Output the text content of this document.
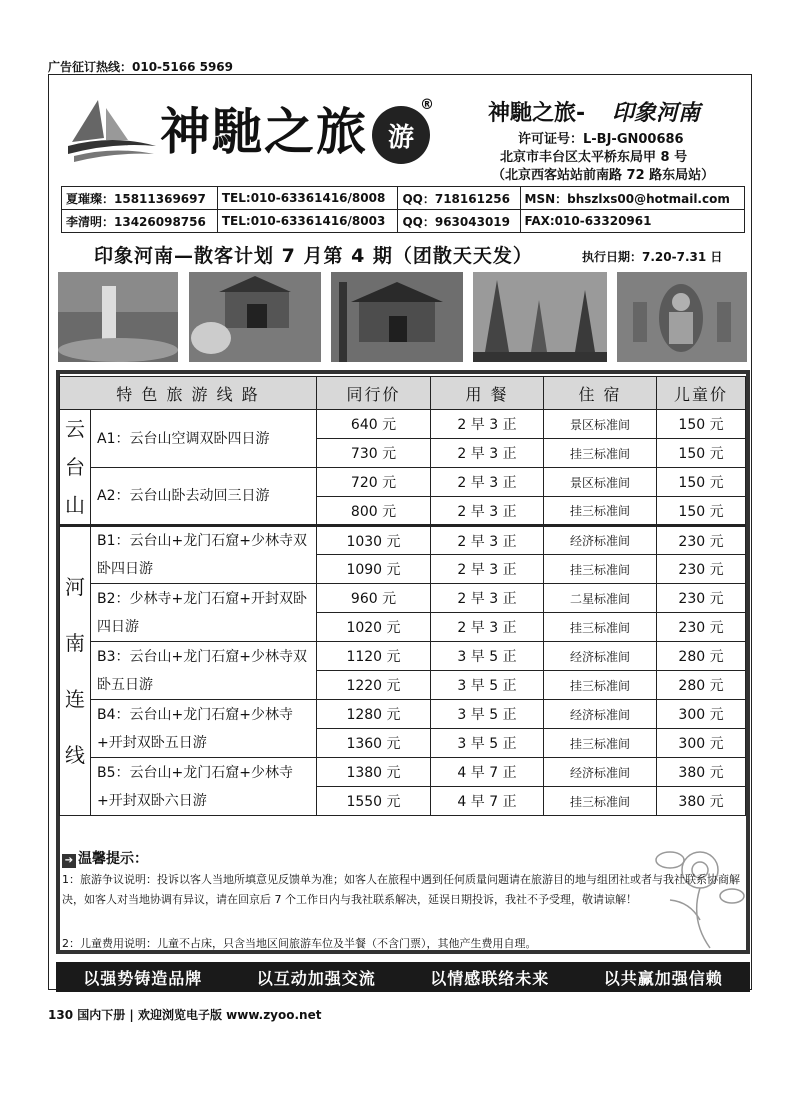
广告征订热线：010-5166 5969
神馳之旅 游
® 神馳之旅- 印象河南
许可证号：L-BJ-GN00686
北京市丰台区太平桥东局甲 8 号
（北京西客站站前南路 72 路东局站）
夏璀璨：15811369697	TEL:010-63361416/8008	QQ：718161256	MSN：bhszlxs00@hotmail.com
李清明：13426098756	TEL:010-63361416/8003	QQ：963043019	FAX:010-63320961
印象河南—散客计划 7 月第 4 期（团散天天发）	执行日期：7.20-7.31 日
特 色 旅 游 线 路		同行价	用 餐	住 宿	儿童价
云台山	A1：云台山空调双卧四日游	640 元	2 早 3 正	景区标准间	150 元
		730 元	2 早 3 正	挂三标准间	150 元
	A2：云台山卧去动回三日游	720 元	2 早 3 正	景区标准间	150 元
		800 元	2 早 3 正	挂三标准间	150 元
河南连线	B1：云台山+龙门石窟+少林寺双卧四日游	1030 元	2 早 3 正	经济标准间	230 元
		1090 元	2 早 3 正	挂三标准间	230 元
	B2：少林寺+龙门石窟+开封双卧四日游	960 元	2 早 3 正	二星标准间	230 元
		1020 元	2 早 3 正	挂三标准间	230 元
	B3：云台山+龙门石窟+少林寺双卧五日游	1120 元	3 早 5 正	经济标准间	280 元
		1220 元	3 早 5 正	挂三标准间	280 元
	B4：云台山+龙门石窟+少林寺+开封双卧五日游	1280 元	3 早 5 正	经济标准间	300 元
		1360 元	3 早 5 正	挂三标准间	300 元
	B5：云台山+龙门石窟+少林寺+开封双卧六日游	1380 元	4 早 7 正	经济标准间	380 元
		1550 元	4 早 7 正	挂三标准间	380 元
➔ 温馨提示：
1：旅游争议说明：投诉以客人当地所填意见反馈单为准；如客人在旅程中遇到任何质量问题请在旅游目的地与组团社或者与我社联系协商解决，如客人对当地协调有异议，请在回京后 7 个工作日内与我社联系解决，延误日期投诉，我社不予受理，敬请谅解！
2：儿童费用说明：儿童不占床，只含当地区间旅游车位及半餐（不含门票），其他产生费用自理。
以强势铸造品牌	以互动加强交流	以情感联络未来	以共赢加强信赖
130 国内下册 | 欢迎浏览电子版 www.zyoo.net
